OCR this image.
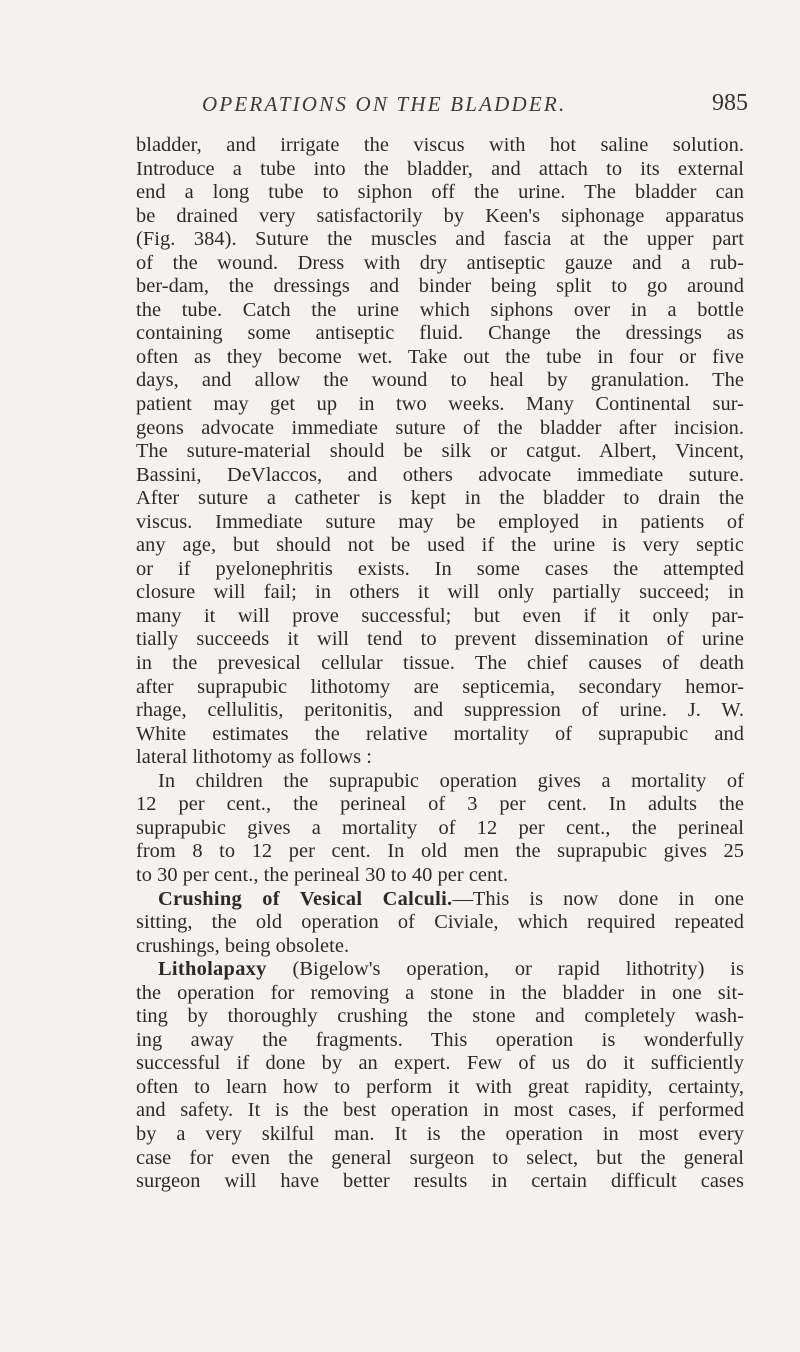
OPERATIONS ON THE BLADDER.	985
bladder, and irrigate the viscus with hot saline solution.
Introduce a tube into the bladder, and attach to its external
end a long tube to siphon off the urine. The bladder can
be drained very satisfactorily by Keen's siphonage apparatus
(Fig. 384). Suture the muscles and fascia at the upper part
of the wound. Dress with dry antiseptic gauze and a rub-
ber-dam, the dressings and binder being split to go around
the tube. Catch the urine which siphons over in a bottle
containing some antiseptic fluid. Change the dressings as
often as they become wet. Take out the tube in four or five
days, and allow the wound to heal by granulation. The
patient may get up in two weeks. Many Continental sur-
geons advocate immediate suture of the bladder after incision.
The suture-material should be silk or catgut. Albert, Vincent,
Bassini, DeVlaccos, and others advocate immediate suture.
After suture a catheter is kept in the bladder to drain the
viscus. Immediate suture may be employed in patients of
any age, but should not be used if the urine is very septic
or if pyelonephritis exists. In some cases the attempted
closure will fail; in others it will only partially succeed; in
many it will prove successful; but even if it only par-
tially succeeds it will tend to prevent dissemination of urine
in the prevesical cellular tissue. The chief causes of death
after suprapubic lithotomy are septicemia, secondary hemor-
rhage, cellulitis, peritonitis, and suppression of urine. J. W.
White estimates the relative mortality of suprapubic and
lateral lithotomy as follows :
In children the suprapubic operation gives a mortality of
12 per cent., the perineal of 3 per cent. In adults the
suprapubic gives a mortality of 12 per cent., the perineal
from 8 to 12 per cent. In old men the suprapubic gives 25
to 30 per cent., the perineal 30 to 40 per cent.
Crushing of Vesical Calculi.—This is now done in one
sitting, the old operation of Civiale, which required repeated
crushings, being obsolete.
Litholapaxy (Bigelow's operation, or rapid lithotrity) is
the operation for removing a stone in the bladder in one sit-
ting by thoroughly crushing the stone and completely wash-
ing away the fragments. This operation is wonderfully
successful if done by an expert. Few of us do it sufficiently
often to learn how to perform it with great rapidity, certainty,
and safety. It is the best operation in most cases, if performed
by a very skilful man. It is the operation in most every
case for even the general surgeon to select, but the general
surgeon will have better results in certain difficult cases
